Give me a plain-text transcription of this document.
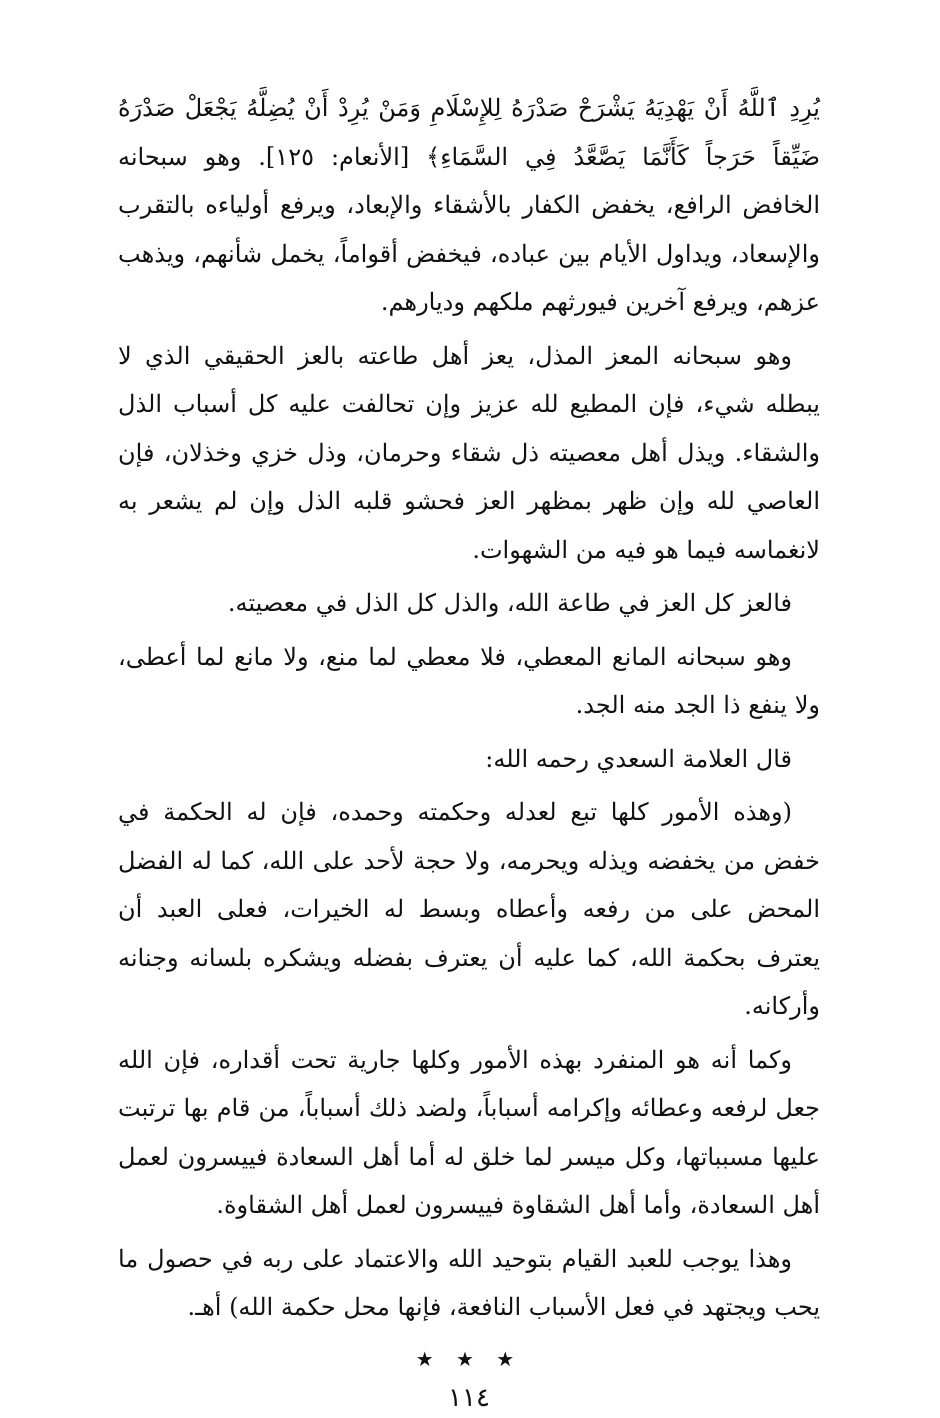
يُرِدِ ٱللَّهُ أَنْ يَهْدِيَهُ يَشْرَحْ صَدْرَهُ لِلإِسْلَامِ وَمَنْ يُرِدْ أَنْ يُضِلَّهُ يَجْعَلْ صَدْرَهُ ضَيِّقاً حَرَجاً كَأَنَّمَا يَصَّعَّدُ فِي السَّمَاءِ﴾ [الأنعام: ١٢٥]. وهو سبحانه الخافض الرافع، يخفض الكفار بالأشقاء والإبعاد، ويرفع أولياءه بالتقرب والإسعاد، ويداول الأيام بين عباده، فيخفض أقواماً، يخمل شأنهم، ويذهب عزهم، ويرفع آخرين فيورثهم ملكهم وديارهم.

وهو سبحانه المعز المذل، يعز أهل طاعته بالعز الحقيقي الذي لا يبطله شيء، فإن المطيع لله عزيز وإن تحالفت عليه كل أسباب الذل والشقاء. ويذل أهل معصيته ذل شقاء وحرمان، وذل خزي وخذلان، فإن العاصي لله وإن ظهر بمظهر العز فحشو قلبه الذل وإن لم يشعر به لانغماسه فيما هو فيه من الشهوات.

فالعز كل العز في طاعة الله، والذل كل الذل في معصيته.

وهو سبحانه المانع المعطي، فلا معطي لما منع، ولا مانع لما أعطى، ولا ينفع ذا الجد منه الجد.

قال العلامة السعدي رحمه الله:

(وهذه الأمور كلها تبع لعدله وحكمته وحمده، فإن له الحكمة في خفض من يخفضه ويذله ويحرمه، ولا حجة لأحد على الله، كما له الفضل المحض على من رفعه وأعطاه وبسط له الخيرات، فعلى العبد أن يعترف بحكمة الله، كما عليه أن يعترف بفضله ويشكره بلسانه وجنانه وأركانه.

وكما أنه هو المنفرد بهذه الأمور وكلها جارية تحت أقداره، فإن الله جعل لرفعه وعطائه وإكرامه أسباباً، ولضد ذلك أسباباً، من قام بها ترتبت عليها مسبباتها، وكل ميسر لما خلق له أما أهل السعادة فييسرون لعمل أهل السعادة، وأما أهل الشقاوة فييسرون لعمل أهل الشقاوة.

وهذا يوجب للعبد القيام بتوحيد الله والاعتماد على ربه في حصول ما يحب ويجتهد في فعل الأسباب النافعة، فإنها محل حكمة الله) أهـ.

★ ★ ★
١١٤
